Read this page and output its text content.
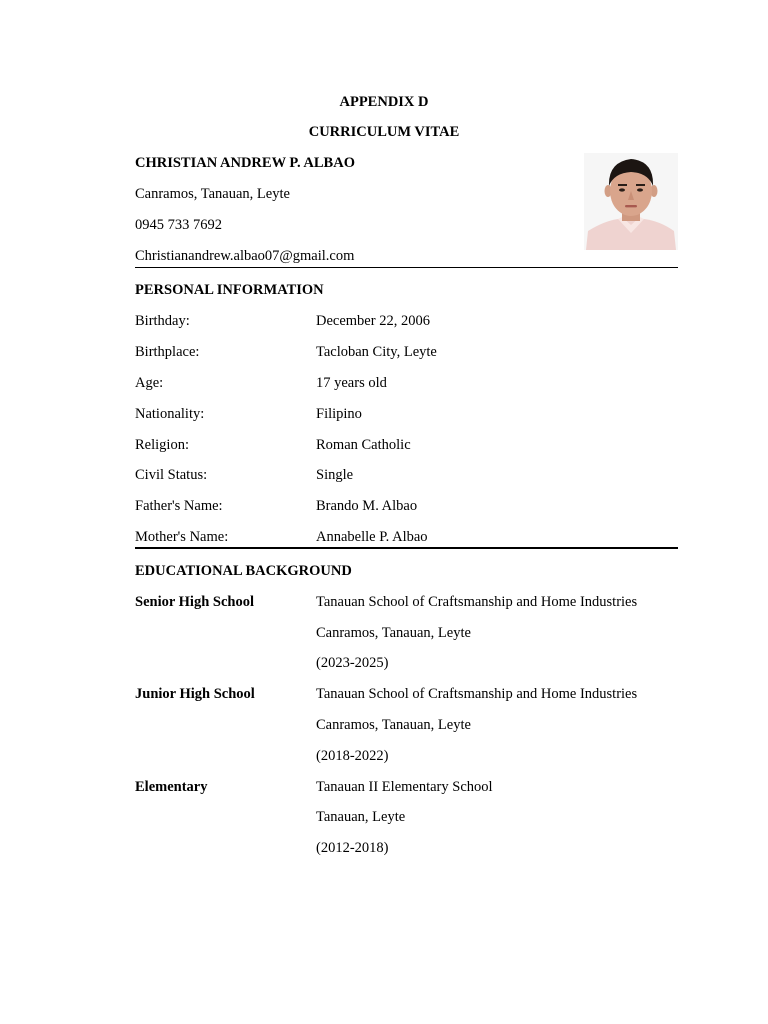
APPENDIX D
CURRICULUM VITAE
CHRISTIAN ANDREW P. ALBAO
Canramos, Tanauan, Leyte
0945 733 7692
Christianandrew.albao07@gmail.com
PERSONAL INFORMATION
Birthday:	December 22, 2006
Birthplace:	Tacloban City, Leyte
Age:	17 years old
Nationality:	Filipino
Religion:	Roman Catholic
Civil Status:	Single
Father's Name:	Brando M. Albao
Mother's Name:	Annabelle P. Albao
EDUCATIONAL BACKGROUND
Senior High School	Tanauan School of Craftsmanship and Home Industries
Canramos, Tanauan, Leyte
(2023-2025)
Junior High School	Tanauan School of Craftsmanship and Home Industries
Canramos, Tanauan, Leyte
(2018-2022)
Elementary	Tanauan II Elementary School
Tanauan, Leyte
(2012-2018)
